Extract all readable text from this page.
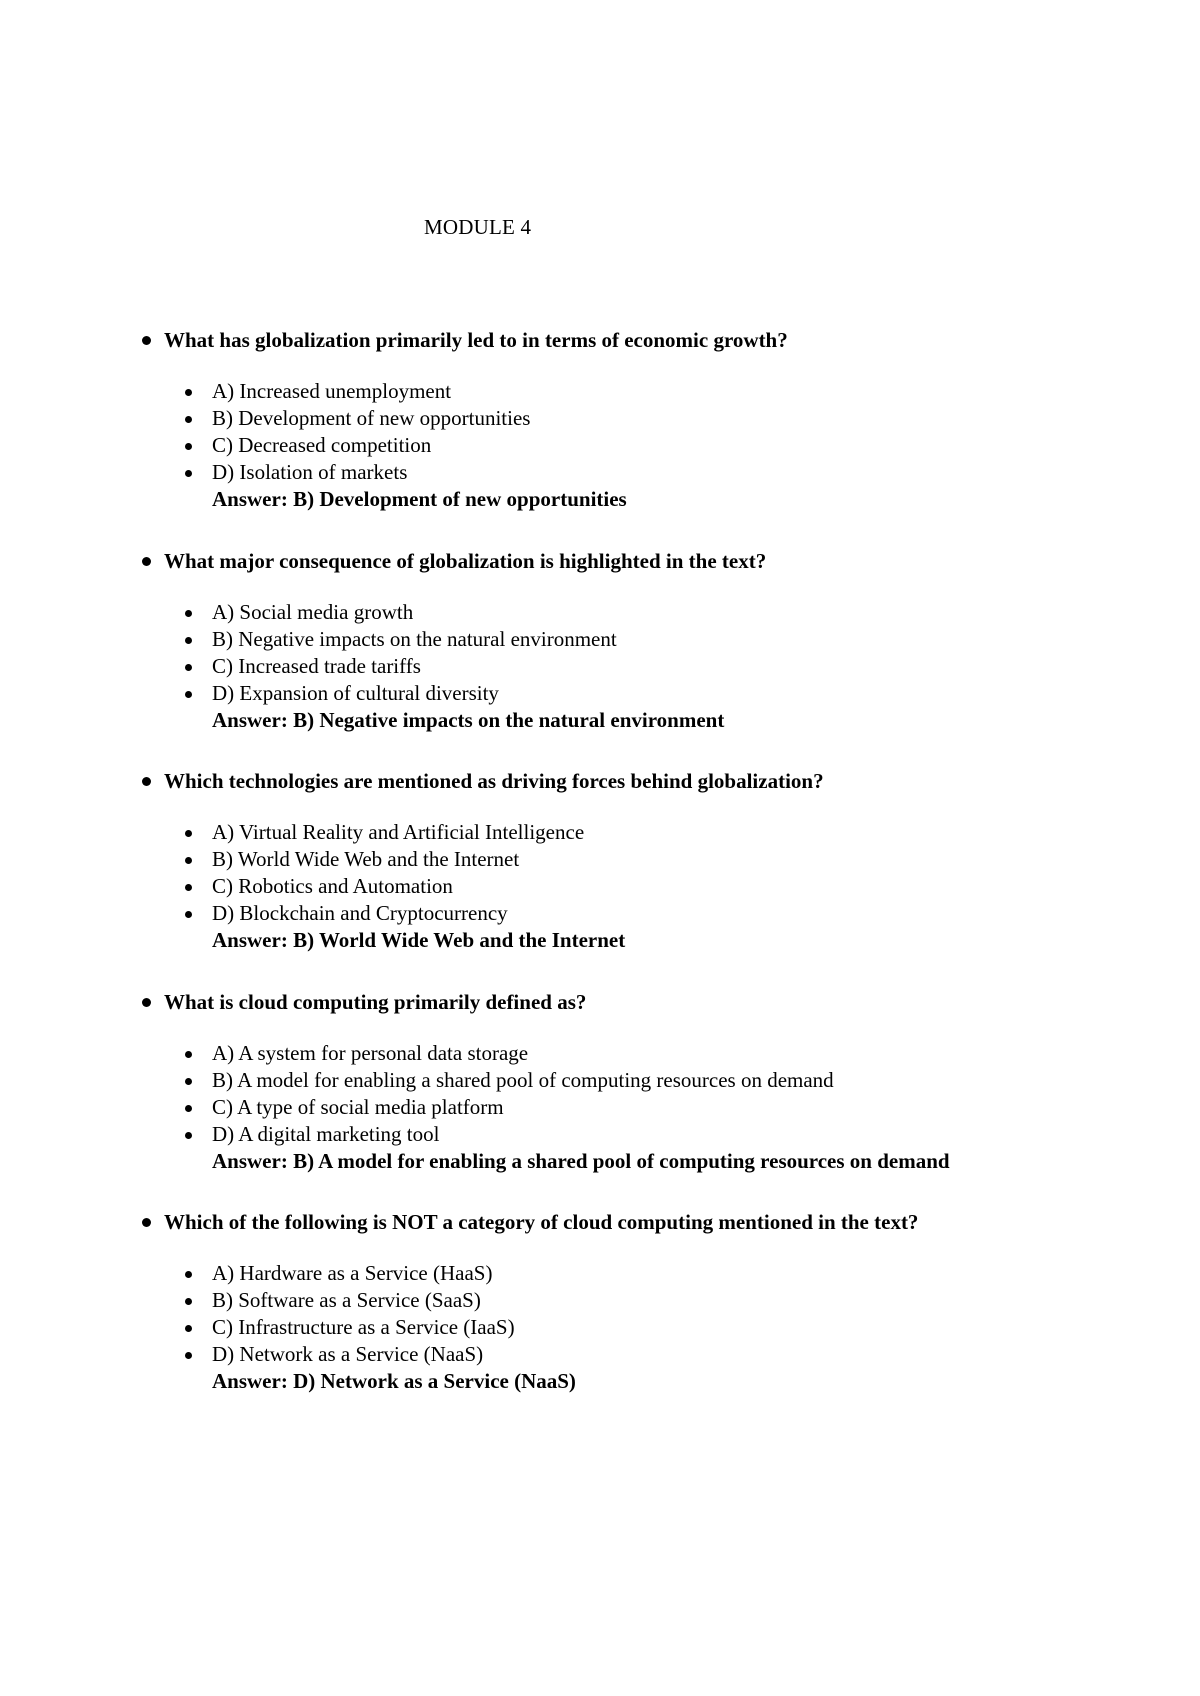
MODULE 4
What has globalization primarily led to in terms of economic growth?
A) Increased unemployment
B) Development of new opportunities
C) Decreased competition
D) Isolation of markets
Answer: B) Development of new opportunities
What major consequence of globalization is highlighted in the text?
A) Social media growth
B) Negative impacts on the natural environment
C) Increased trade tariffs
D) Expansion of cultural diversity
Answer: B) Negative impacts on the natural environment
Which technologies are mentioned as driving forces behind globalization?
A) Virtual Reality and Artificial Intelligence
B) World Wide Web and the Internet
C) Robotics and Automation
D) Blockchain and Cryptocurrency
Answer: B) World Wide Web and the Internet
What is cloud computing primarily defined as?
A) A system for personal data storage
B) A model for enabling a shared pool of computing resources on demand
C) A type of social media platform
D) A digital marketing tool
Answer: B) A model for enabling a shared pool of computing resources on demand
Which of the following is NOT a category of cloud computing mentioned in the text?
A) Hardware as a Service (HaaS)
B) Software as a Service (SaaS)
C) Infrastructure as a Service (IaaS)
D) Network as a Service (NaaS)
Answer: D) Network as a Service (NaaS)
